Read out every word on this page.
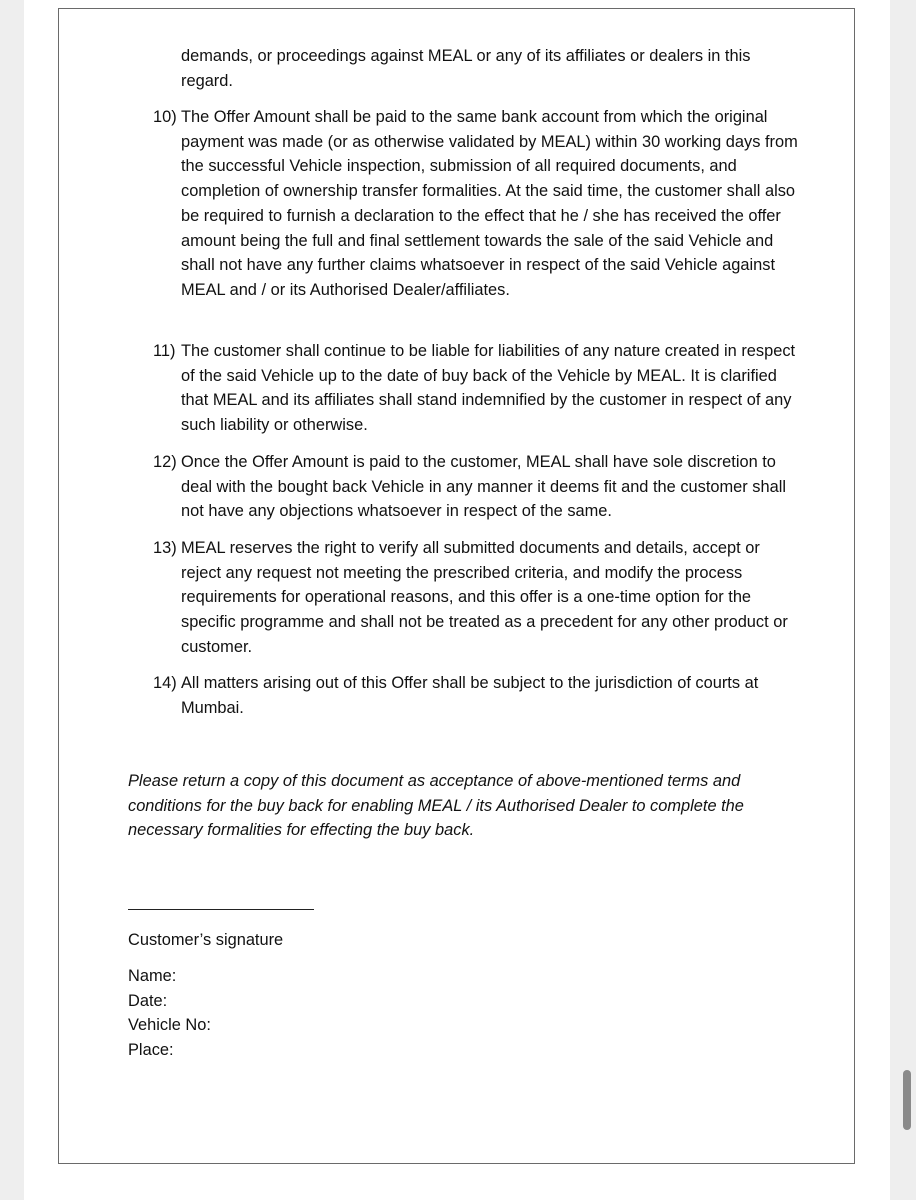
demands, or proceedings against MEAL or any of its affiliates or dealers in this regard.
10) The Offer Amount shall be paid to the same bank account from which the original payment was made (or as otherwise validated by MEAL) within 30 working days from the successful Vehicle inspection, submission of all required documents, and completion of ownership transfer formalities. At the said time, the customer shall also be required to furnish a declaration to the effect that he / she has received the offer amount being the full and final settlement towards the sale of the said Vehicle and shall not have any further claims whatsoever in respect of the said Vehicle against MEAL and / or its Authorised Dealer/affiliates.
11) The customer shall continue to be liable for liabilities of any nature created in respect of the said Vehicle up to the date of buy back of the Vehicle by MEAL. It is clarified that MEAL and its affiliates shall stand indemnified by the customer in respect of any such liability or otherwise.
12) Once the Offer Amount is paid to the customer, MEAL shall have sole discretion to deal with the bought back Vehicle in any manner it deems fit and the customer shall not have any objections whatsoever in respect of the same.
13) MEAL reserves the right to verify all submitted documents and details, accept or reject any request not meeting the prescribed criteria, and modify the process requirements for operational reasons, and this offer is a one-time option for the specific programme and shall not be treated as a precedent for any other product or customer.
14) All matters arising out of this Offer shall be subject to the jurisdiction of courts at Mumbai.
Please return a copy of this document as acceptance of above-mentioned terms and conditions for the buy back for enabling MEAL / its Authorised Dealer to complete the necessary formalities for effecting the buy back.
Customer’s signature
Name:
Date:
Vehicle No:
Place:
